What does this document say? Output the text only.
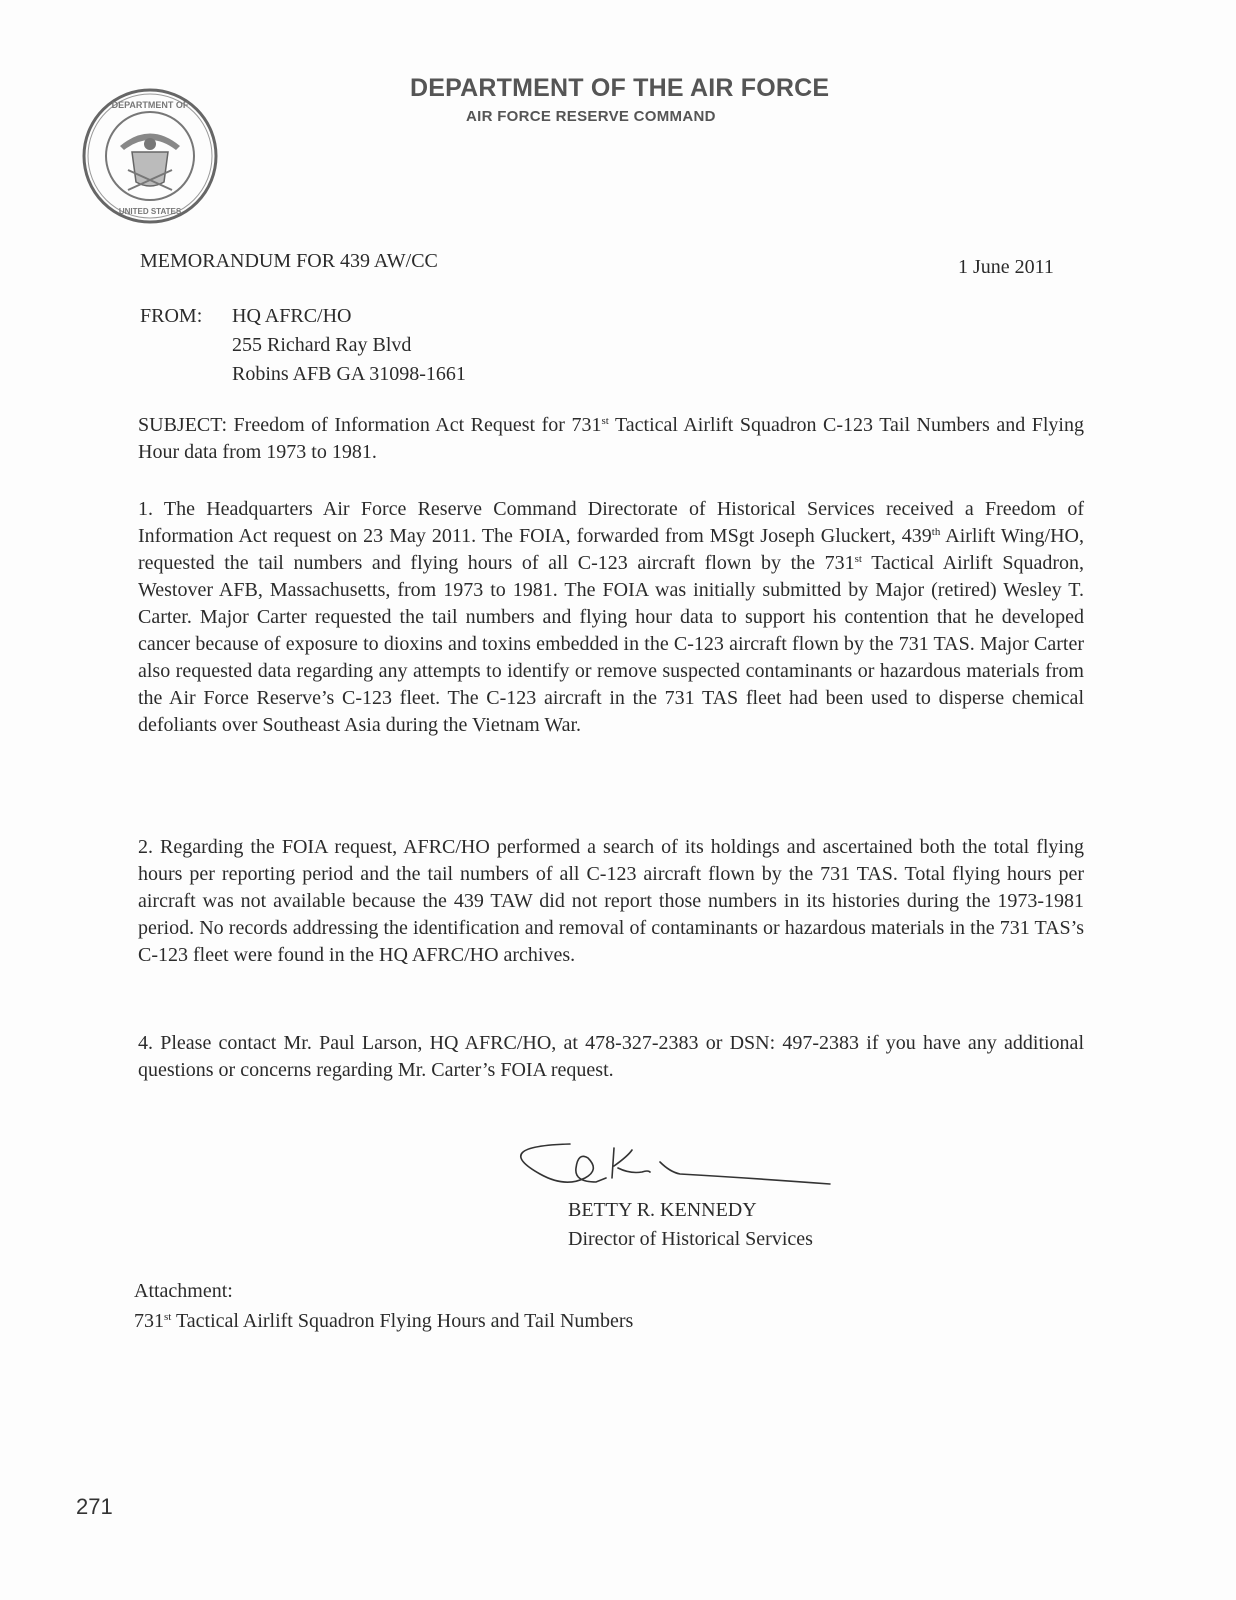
DEPARTMENT OF
UNITED STATES
DEPARTMENT OF THE AIR FORCE
AIR FORCE RESERVE COMMAND
MEMORANDUM FOR 439 AW/CC	1 June 2011
FROM: HQ AFRC/HO
255 Richard Ray Blvd
Robins AFB GA 31098-1661
SUBJECT: Freedom of Information Act Request for 731st Tactical Airlift Squadron C-123 Tail Numbers and Flying Hour data from 1973 to 1981.
1. The Headquarters Air Force Reserve Command Directorate of Historical Services received a Freedom of Information Act request on 23 May 2011. The FOIA, forwarded from MSgt Joseph Gluckert, 439th Airlift Wing/HO, requested the tail numbers and flying hours of all C-123 aircraft flown by the 731st Tactical Airlift Squadron, Westover AFB, Massachusetts, from 1973 to 1981. The FOIA was initially submitted by Major (retired) Wesley T. Carter. Major Carter requested the tail numbers and flying hour data to support his contention that he developed cancer because of exposure to dioxins and toxins embedded in the C-123 aircraft flown by the 731 TAS. Major Carter also requested data regarding any attempts to identify or remove suspected contaminants or hazardous materials from the Air Force Reserve’s C-123 fleet. The C-123 aircraft in the 731 TAS fleet had been used to disperse chemical defoliants over Southeast Asia during the Vietnam War.
2. Regarding the FOIA request, AFRC/HO performed a search of its holdings and ascertained both the total flying hours per reporting period and the tail numbers of all C-123 aircraft flown by the 731 TAS. Total flying hours per aircraft was not available because the 439 TAW did not report those numbers in its histories during the 1973-1981 period. No records addressing the identification and removal of contaminants or hazardous materials in the 731 TAS’s C-123 fleet were found in the HQ AFRC/HO archives.
4. Please contact Mr. Paul Larson, HQ AFRC/HO, at 478-327-2383 or DSN: 497-2383 if you have any additional questions or concerns regarding Mr. Carter’s FOIA request.
BETTY R. KENNEDY
Director of Historical Services
Attachment:
731st Tactical Airlift Squadron Flying Hours and Tail Numbers
271
